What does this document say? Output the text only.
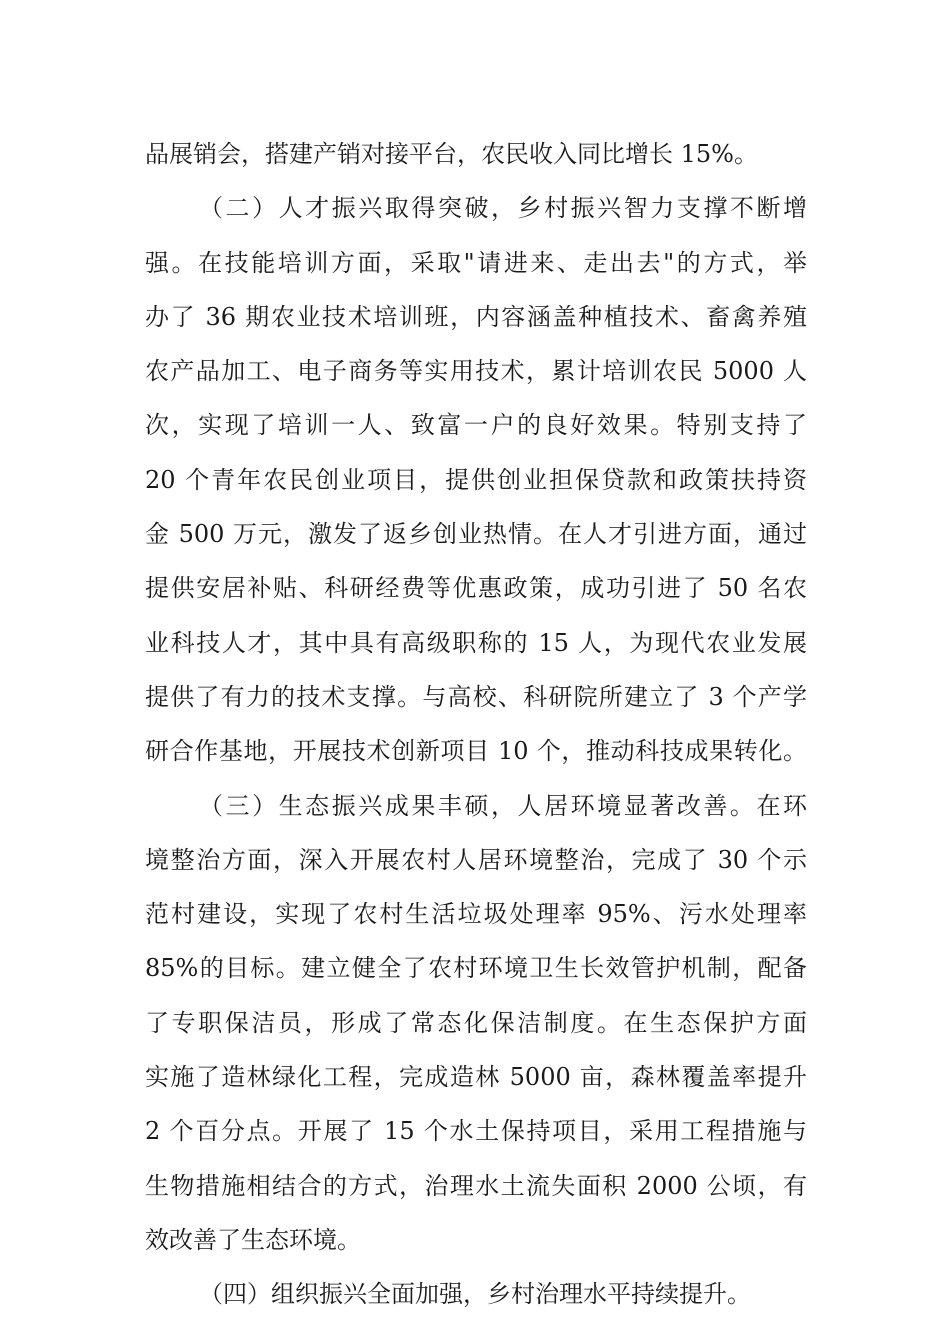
品展销会，搭建产销对接平台，农民收入同比增长 15%。
（二）人才振兴取得突破，乡村振兴智力支撑不断增
强。在技能培训方面，采取"请进来、走出去"的方式，举
办了 36 期农业技术培训班，内容涵盖种植技术、畜禽养殖
农产品加工、电子商务等实用技术，累计培训农民 5000 人
次，实现了培训一人、致富一户的良好效果。特别支持了
20 个青年农民创业项目，提供创业担保贷款和政策扶持资
金 500 万元，激发了返乡创业热情。在人才引进方面，通过
提供安居补贴、科研经费等优惠政策，成功引进了 50 名农
业科技人才，其中具有高级职称的 15 人，为现代农业发展
提供了有力的技术支撑。与高校、科研院所建立了 3 个产学
研合作基地，开展技术创新项目 10 个，推动科技成果转化。
（三）生态振兴成果丰硕，人居环境显著改善。在环
境整治方面，深入开展农村人居环境整治，完成了 30 个示
范村建设，实现了农村生活垃圾处理率 95%、污水处理率
85%的目标。建立健全了农村环境卫生长效管护机制，配备
了专职保洁员，形成了常态化保洁制度。在生态保护方面
实施了造林绿化工程，完成造林 5000 亩，森林覆盖率提升
2 个百分点。开展了 15 个水土保持项目，采用工程措施与
生物措施相结合的方式，治理水土流失面积 2000 公顷，有
效改善了生态环境。
（四）组织振兴全面加强，乡村治理水平持续提升。
